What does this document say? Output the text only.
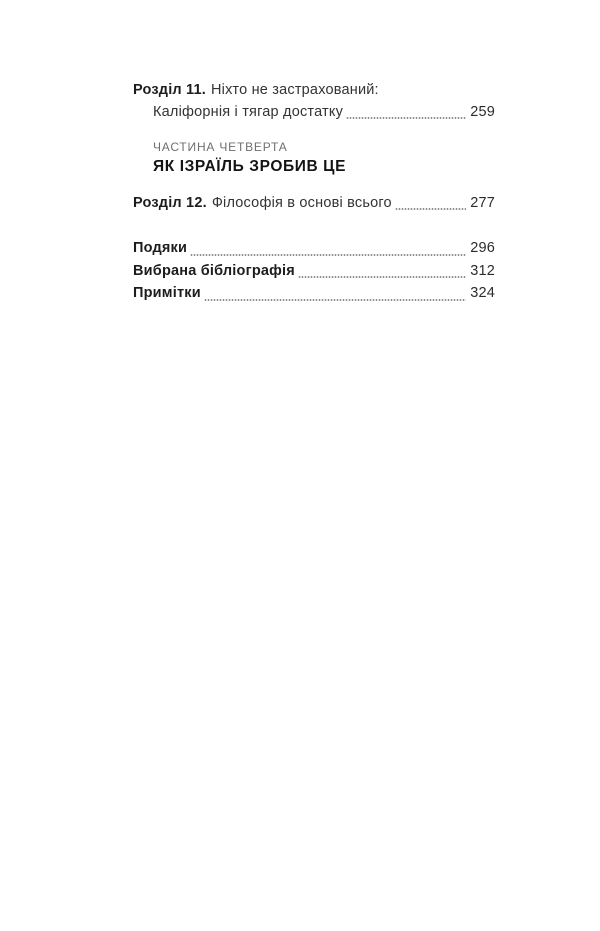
Розділ 11. Ніхто не застрахований:
Каліфорнія і тягар достатку	259
ЧАСТИНА ЧЕТВЕРТА
ЯК ІЗРАЇЛЬ ЗРОБИВ ЦЕ
Розділ 12. Філософія в основі всього	277
Подяки	296
Вибрана бібліографія	312
Примітки	324
